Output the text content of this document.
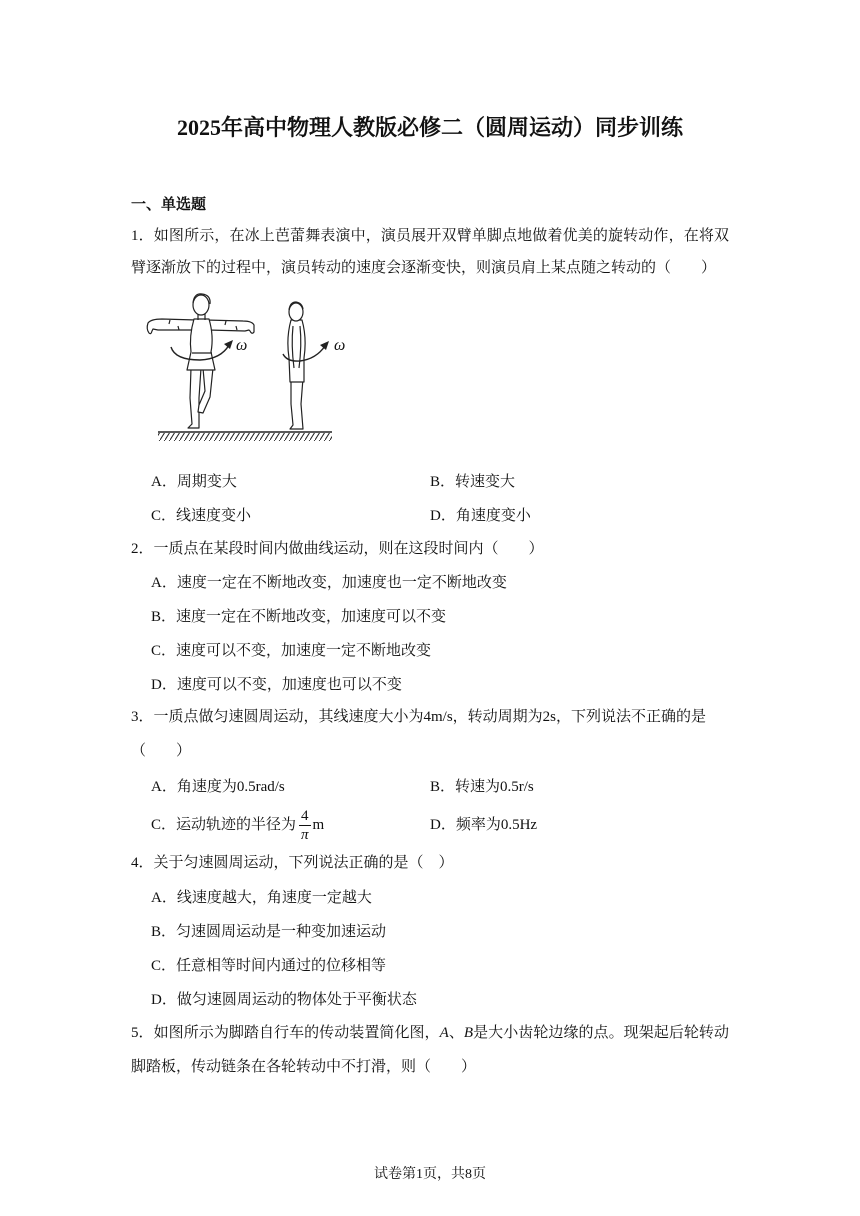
2025年高中物理人教版必修二（圆周运动）同步训练
一、单选题
1．如图所示，在冰上芭蕾舞表演中，演员展开双臂单脚点地做着优美的旋转动作，在将双
臂逐渐放下的过程中，演员转动的速度会逐渐变快，则演员肩上某点随之转动的（　　）
ω	ω
A．周期变大	B．转速变大
C．线速度变小	D．角速度变小
2．一质点在某段时间内做曲线运动，则在这段时间内（　　）
A．速度一定在不断地改变，加速度也一定不断地改变
B．速度一定在不断地改变，加速度可以不变
C．速度可以不变，加速度一定不断地改变
D．速度可以不变，加速度也可以不变
3．一质点做匀速圆周运动，其线速度大小为4m/s，转动周期为2s，下列说法不正确的是
（　　）
A．角速度为0.5rad/s	B．转速为0.5r/s
C．运动轨迹的半径为 $\frac{4}{\pi}$ m	D．频率为0.5Hz
4．关于匀速圆周运动，下列说法正确的是（　）
A．线速度越大，角速度一定越大
B．匀速圆周运动是一种变加速运动
C．任意相等时间内通过的位移相等
D．做匀速圆周运动的物体处于平衡状态
5．如图所示为脚踏自行车的传动装置简化图，A、B是大小齿轮边缘的点。现架起后轮转动
脚踏板，传动链条在各轮转动中不打滑，则（　　）
试卷第1页，共8页
